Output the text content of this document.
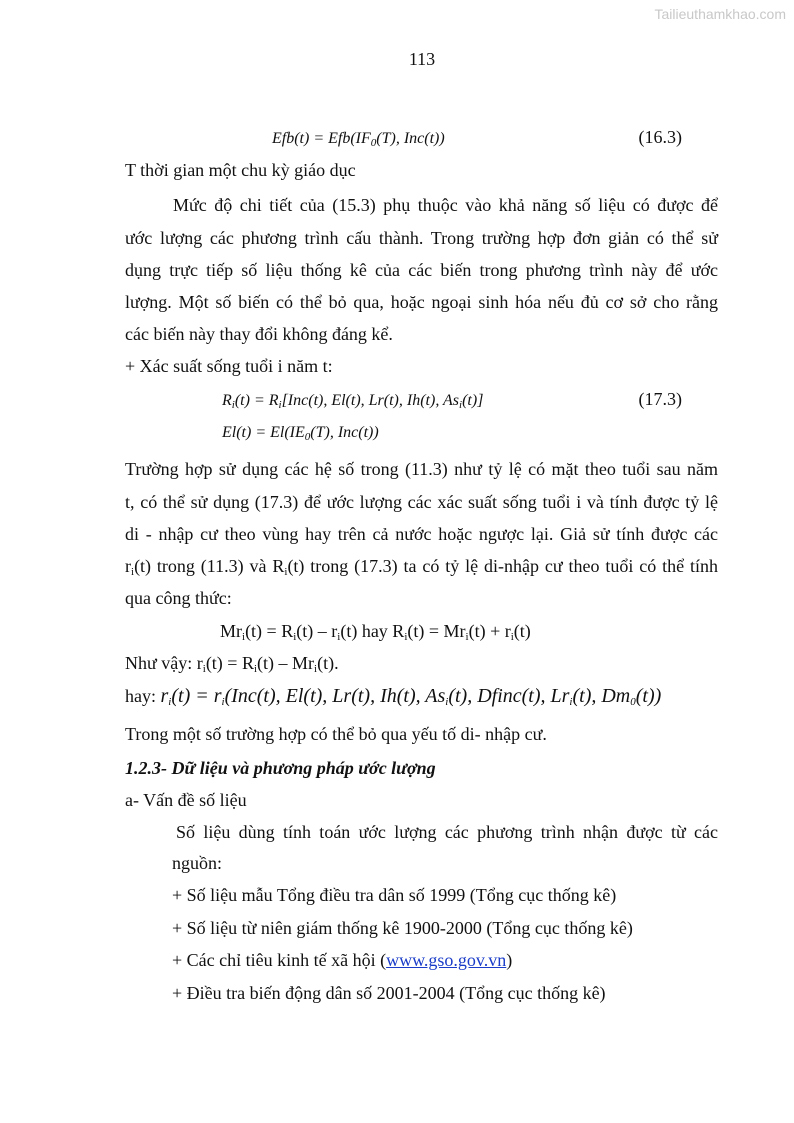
Tailieuthamkhao.com
113
$Efb(t) = Efb(IF_0(T)$, Inc(t))	(16.3)
T thời gian một chu kỳ giáo dục
Mức độ chi tiết của (15.3) phụ thuộc vào khả năng số liệu có được để
ước lượng các phương trình cấu thành. Trong trường hợp đơn giản có thể sử
dụng trực tiếp số liệu thống kê của các biến trong phương trình này để ước
lượng. Một số biến có thể bỏ qua, hoặc ngoại sinh hóa nếu đủ cơ sở cho rằng
các biến này thay đổi không đáng kể.
+ Xác suất sống tuổi i năm t:
$R_i(t) = R_i[Inc(t)$, El(t), Lr(t), Ih(t), $As_i(t)$]	(17.3)
$El(t) = El(IE_0(T)$, Inc(t))
Trường hợp sử dụng các hệ số trong (11.3) như tỷ lệ có mặt theo tuổi sau năm
t, có thể sử dụng (17.3) để ước lượng các xác suất sống tuổi i và tính được tỷ lệ
di - nhập cư theo vùng hay trên cả nước hoặc ngược lại. Giả sử tính được các
$r_i(t)$ trong (11.3) và $R_i(t)$ trong (17.3) ta có tỷ lệ di-nhập cư theo tuổi có thể tính
qua công thức:
$Mr_i(t) = R_i(t) - r_i(t)$ hay $R_i(t) = Mr_i(t) + r_i(t)$
Như vậy: $r_i(t) = R_i(t) - Mr_i(t)$.
hay: $r_i(t) = r_i(Inc(t)$, El(t), Lr(t), Ih(t), $As_i(t)$, Dfinc(t), $Lr_i(t)$, $Dm_0(t)$)
Trong một số trường hợp có thể bỏ qua yếu tố di- nhập cư.
1.2.3- Dữ liệu và phương pháp ước lượng
a- Vấn đề số liệu
Số liệu dùng tính toán ước lượng các phương trình nhận được từ các
nguồn:
+ Số liệu mẫu Tổng điều tra dân số 1999 (Tổng cục thống kê)
+ Số liệu từ niên giám thống kê 1900-2000 (Tổng cục thống kê)
+ Các chỉ tiêu kinh tế xã hội (www.gso.gov.vn)
+ Điều tra biến động dân số 2001-2004 (Tổng cục thống kê)
